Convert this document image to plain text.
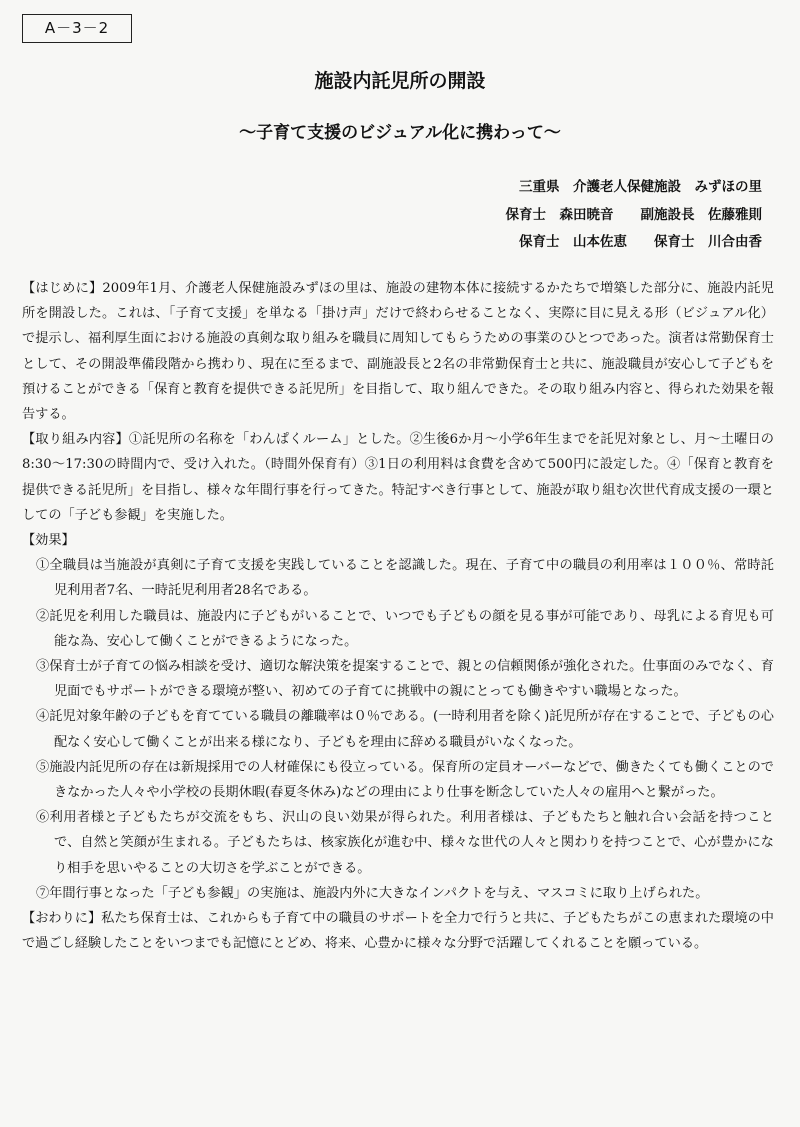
A－3－2
施設内託児所の開設
～子育て支援のビジュアル化に携わって～
三重県　介護老人保健施設　みずほの里
保育士　森田暁音　　副施設長　佐藤雅則
保育士　山本佐恵　　保育士　川合由香

【はじめに】2009年1月、介護老人保健施設みずほの里は、施設の建物本体に接続するかたちで増築した部分に、施設内託児所を開設した。これは、「子育て支援」を単なる「掛け声」だけで終わらせることなく、実際に目に見える形（ビジュアル化）で提示し、福利厚生面における施設の真剣な取り組みを職員に周知してもらうための事業のひとつであった。演者は常勤保育士として、その開設準備段階から携わり、現在に至るまで、副施設長と2名の非常勤保育士と共に、施設職員が安心して子どもを預けることができる「保育と教育を提供できる託児所」を目指して、取り組んできた。その取り組み内容と、得られた効果を報告する。

【取り組み内容】①託児所の名称を「わんぱくルーム」とした。②生後6か月～小学6年生までを託児対象とし、月～土曜日の8:30～17:30の時間内で、受け入れた。（時間外保育有）③1日の利用料は食費を含めて500円に設定した。④「保育と教育を提供できる託児所」を目指し、様々な年間行事を行ってきた。特記すべき行事として、施設が取り組む次世代育成支援の一環としての「子ども参観」を実施した。

【効果】

①全職員は当施設が真剣に子育て支援を実践していることを認識した。現在、子育て中の職員の利用率は１００％、常時託児利用者7名、一時託児利用者28名である。

②託児を利用した職員は、施設内に子どもがいることで、いつでも子どもの顔を見る事が可能であり、母乳による育児も可能な為、安心して働くことができるようになった。

③保育士が子育ての悩み相談を受け、適切な解決策を提案することで、親との信頼関係が強化された。仕事面のみでなく、育児面でもサポートができる環境が整い、初めての子育てに挑戦中の親にとっても働きやすい職場となった。

④託児対象年齢の子どもを育てている職員の離職率は０％である。(一時利用者を除く)託児所が存在することで、子どもの心配なく安心して働くことが出来る様になり、子どもを理由に辞める職員がいなくなった。

⑤施設内託児所の存在は新規採用での人材確保にも役立っている。保育所の定員オーバーなどで、働きたくても働くことのできなかった人々や小学校の長期休暇(春夏冬休み)などの理由により仕事を断念していた人々の雇用へと繋がった。

⑥利用者様と子どもたちが交流をもち、沢山の良い効果が得られた。利用者様は、子どもたちと触れ合い会話を持つことで、自然と笑顔が生まれる。子どもたちは、核家族化が進む中、様々な世代の人々と関わりを持つことで、心が豊かになり相手を思いやることの大切さを学ぶことができる。

⑦年間行事となった「子ども参観」の実施は、施設内外に大きなインパクトを与え、マスコミに取り上げられた。

【おわりに】私たち保育士は、これからも子育て中の職員のサポートを全力で行うと共に、子どもたちがこの恵まれた環境の中で過ごし経験したことをいつまでも記憶にとどめ、将来、心豊かに様々な分野で活躍してくれることを願っている。
